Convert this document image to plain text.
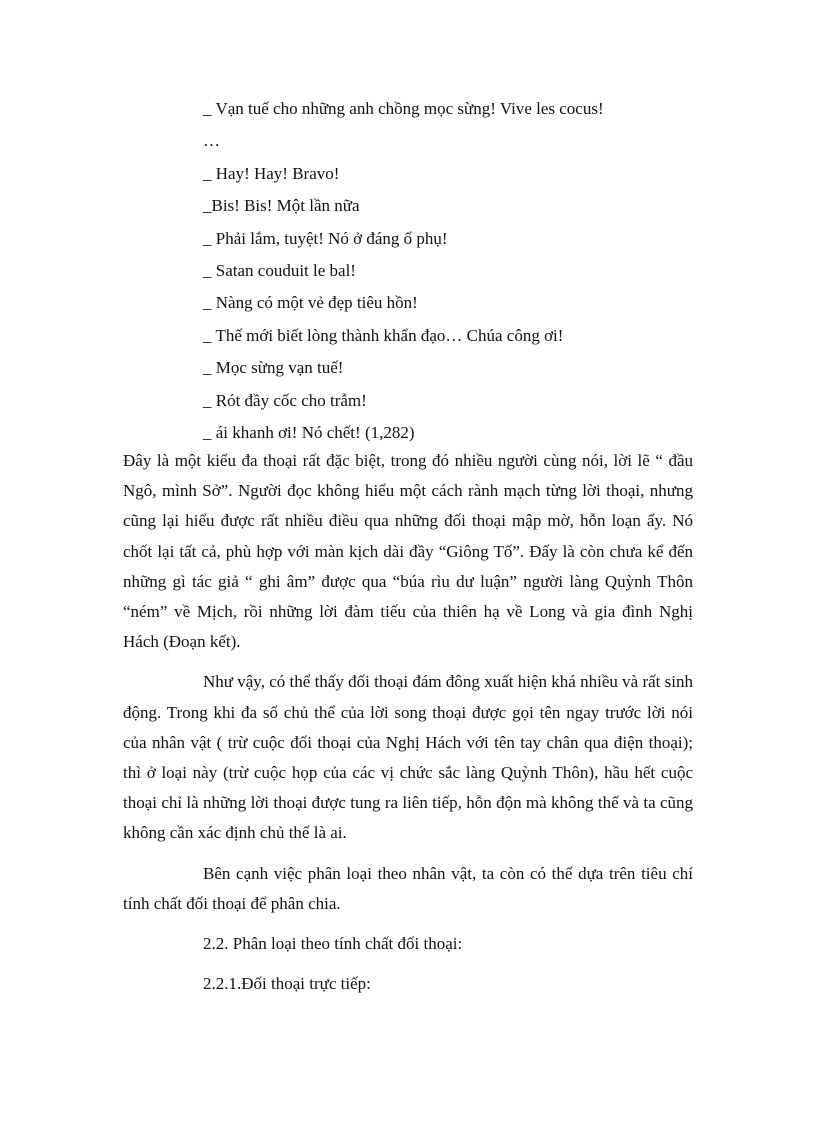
_ Vạn tuế cho những anh chồng mọc sừng! Vive les cocus!
…
_ Hay! Hay! Bravo!
_Bis! Bis! Một lần nữa
_ Phải lắm, tuyệt! Nó ở đáng ố phụ!
_ Satan couduit le bal!
_ Nàng có một vẻ đẹp tiêu hồn!
_ Thế mới biết lòng thành khẩn đạo… Chúa công ơi!
_ Mọc sừng vạn tuế!
_ Rót đầy cốc cho trẫm!
_ ái khanh ơi! Nó chết! (1,282)

Đây là một kiểu đa thoại rất đặc biệt, trong đó nhiều người cùng nói, lời lẽ “ đầu Ngô, mình Sở”. Người đọc không hiểu một cách rành mạch từng lời thoại, nhưng cũng lại hiểu được rất nhiều điều qua những đối thoại mập mờ, hỗn loạn ấy. Nó chốt lại tất cả, phù hợp với màn kịch dài đầy “Giông Tố”. Đấy là còn chưa kể đến những gì tác giả “ ghi âm” được qua “búa rìu dư luận” người làng Quỳnh Thôn “ném” về Mịch, rồi những lời đàm tiếu của thiên hạ về Long và gia đình Nghị Hách (Đoạn kết).

Như vậy, có thể thấy đối thoại đám đông xuất hiện khá nhiều và rất sinh động. Trong khi đa số chủ thể của lời song thoại được gọi tên ngay trước lời nói của nhân vật ( trừ cuộc đối thoại của Nghị Hách với tên tay chân qua điện thoại); thì ở loại này (trừ cuộc họp của các vị chức sắc làng Quỳnh Thôn), hầu hết cuộc thoại chỉ là những lời thoại được tung ra liên tiếp, hỗn độn mà không thể và ta cũng không cần xác định chủ thể là ai.

Bên cạnh việc phân loại theo nhân vật, ta còn có thể dựa trên tiêu chí tính chất đối thoại để phân chia.

2.2. Phân loại theo tính chất đối thoại:

2.2.1.Đối thoại trực tiếp:
